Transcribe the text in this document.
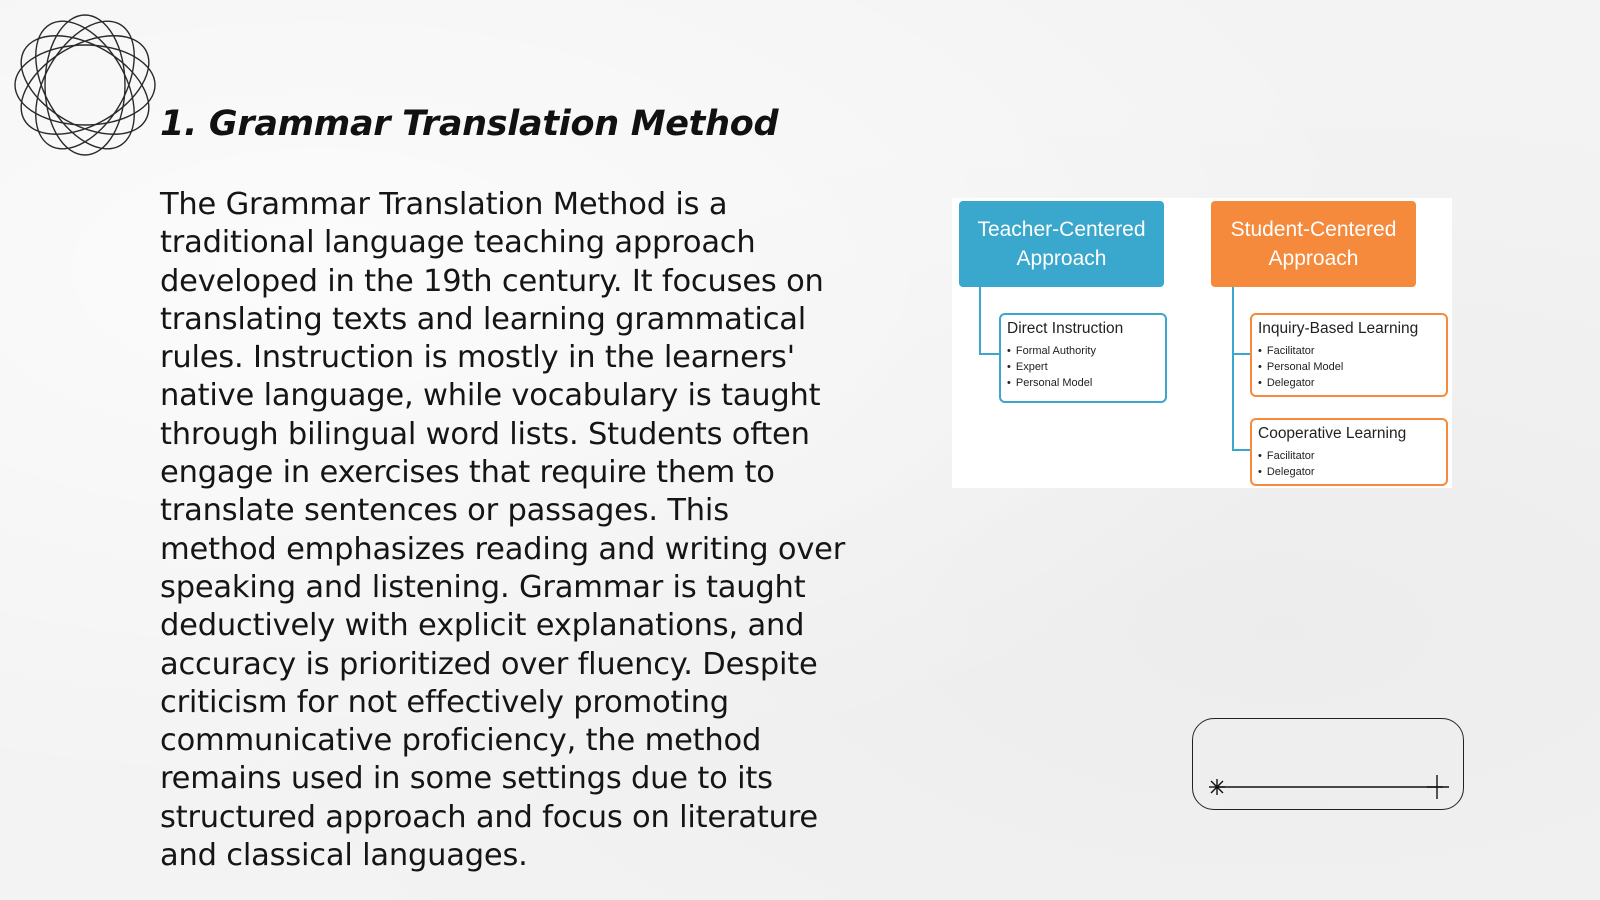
1. Grammar Translation Method

The Grammar Translation Method is a traditional language teaching approach developed in the 19th century. It focuses on translating texts and learning grammatical rules. Instruction is mostly in the learners' native language, while vocabulary is taught through bilingual word lists. Students often engage in exercises that require them to translate sentences or passages. This method emphasizes reading and writing over speaking and listening. Grammar is taught deductively with explicit explanations, and accuracy is prioritized over fluency. Despite criticism for not effectively promoting communicative proficiency, the method remains used in some settings due to its structured approach and focus on literature and classical languages.

Teacher-Centered
Approach
Student-Centered
Approach
Direct Instruction
• Formal Authority
• Expert
• Personal Model
Inquiry-Based Learning
• Facilitator
• Personal Model
• Delegator
Cooperative Learning
• Facilitator
• Delegator
